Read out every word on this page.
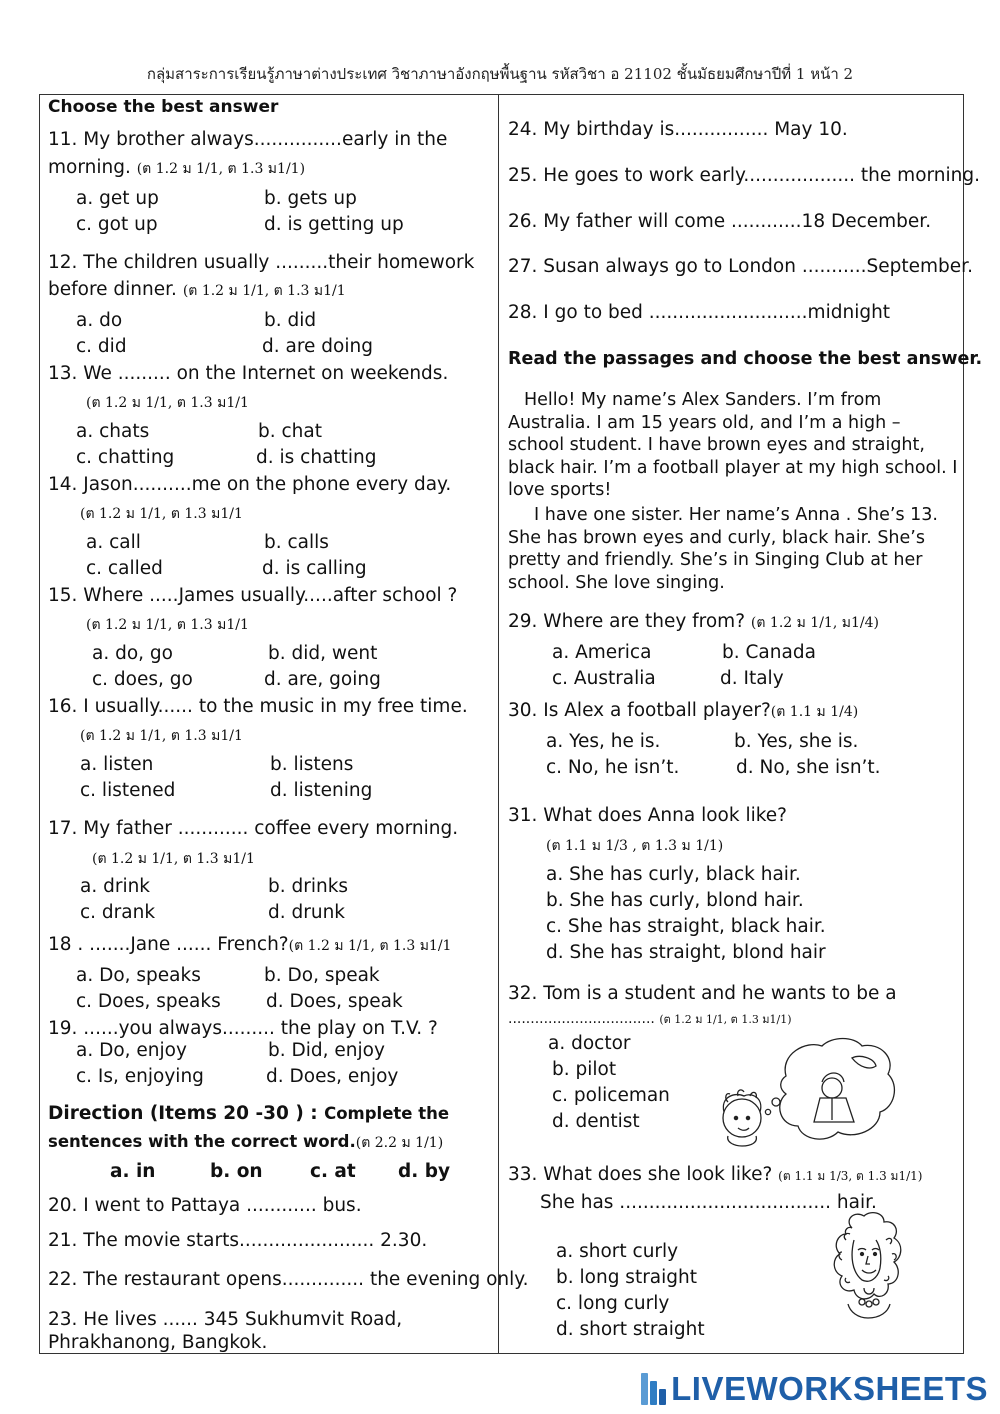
กลุ่มสาระการเรียนรู้ภาษาต่างประเทศ วิชาภาษาอังกฤษพื้นฐาน รหัสวิชา อ 21102 ชั้นมัธยมศึกษาปีที่ 1 หน้า 2
Choose the best answer
11. My brother always...............early in the
morning. (ต 1.2 ม 1/1, ต 1.3 ม1/1)
a. get up	b. gets up
c. got up	d. is getting up
12. The children usually .........their homework
before dinner. (ต 1.2 ม 1/1, ต 1.3 ม1/1
a. do	b. did
c. did	d. are doing
13. We ......... on the Internet on weekends.
(ต 1.2 ม 1/1, ต 1.3 ม1/1
a. chats	b. chat
c. chatting	d. is chatting
14. Jason..........me on the phone every day.
(ต 1.2 ม 1/1, ต 1.3 ม1/1
a. call	b. calls
c. called	d. is calling
15. Where .....James usually.....after school ?
(ต 1.2 ม 1/1, ต 1.3 ม1/1
a. do, go	b. did, went
c. does, go	d. are, going
16. I usually...... to the music in my free time.
(ต 1.2 ม 1/1, ต 1.3 ม1/1
a. listen	b. listens
c. listened	d. listening
17. My father ............ coffee every morning.
(ต 1.2 ม 1/1, ต 1.3 ม1/1
a. drink	b. drinks
c. drank	d. drunk
18 . .......Jane ...... French?(ต 1.2 ม 1/1, ต 1.3 ม1/1
a. Do, speaks	b. Do, speak
c. Does, speaks d. Does, speak
19. ......you always......... the play on T.V. ?
a. Do, enjoy	b. Did, enjoy
c. Is, enjoying	d. Does, enjoy
Direction (Items 20 -30 ) : Complete the
sentences with the correct word.(ต 2.2 ม 1/1)
a. in	b. on	c. at d. by
20. I went to Pattaya ............ bus.
21. The movie starts....................... 2.30.
22. The restaurant opens.............. the evening only.
23. He lives ...... 345 Sukhumvit Road,
Phrakhanong, Bangkok.
24. My birthday is................ May 10.
25. He goes to work early................... the morning.
26. My father will come ............18 December.
27. Susan always go to London ...........September.
28. I go to bed ...........................midnight
Read the passages and choose the best answer.
Hello! My name’s Alex Sanders. I’m from Australia. I am 15 years old, and I’m a high – school student. I have brown eyes and straight, black hair. I’m a football player at my high school. I love sports!
I have one sister. Her name’s Anna . She’s 13. She has brown eyes and curly, black hair. She’s pretty and friendly. She’s in Singing Club at her school. She love singing.
29. Where are they from? (ต 1.2 ม 1/1, ม1/4)
a. America	b. Canada
c. Australia	d. Italy
30. Is Alex a football player?(ต 1.1 ม 1/4)
a. Yes, he is.	b. Yes, she is.
c. No, he isn’t.	d. No, she isn’t.
31. What does Anna look like?
(ต 1.1 ม 1/3 , ต 1.3 ม 1/1)
a. She has curly, black hair.
b. She has curly, blond hair.
c. She has straight, black hair.
d. She has straight, blond hair
32. Tom is a student and he wants to be a
................................. (ต 1.2 ม 1/1, ต 1.3 ม1/1)
a. doctor
b. pilot
c. policeman
d. dentist
33. What does she look like? (ต 1.1 ม 1/3, ต 1.3 ม1/1)
She has .................................... hair.
a. short curly
b. long straight
c. long curly
d. short straight
LIVEWORKSHEETS
